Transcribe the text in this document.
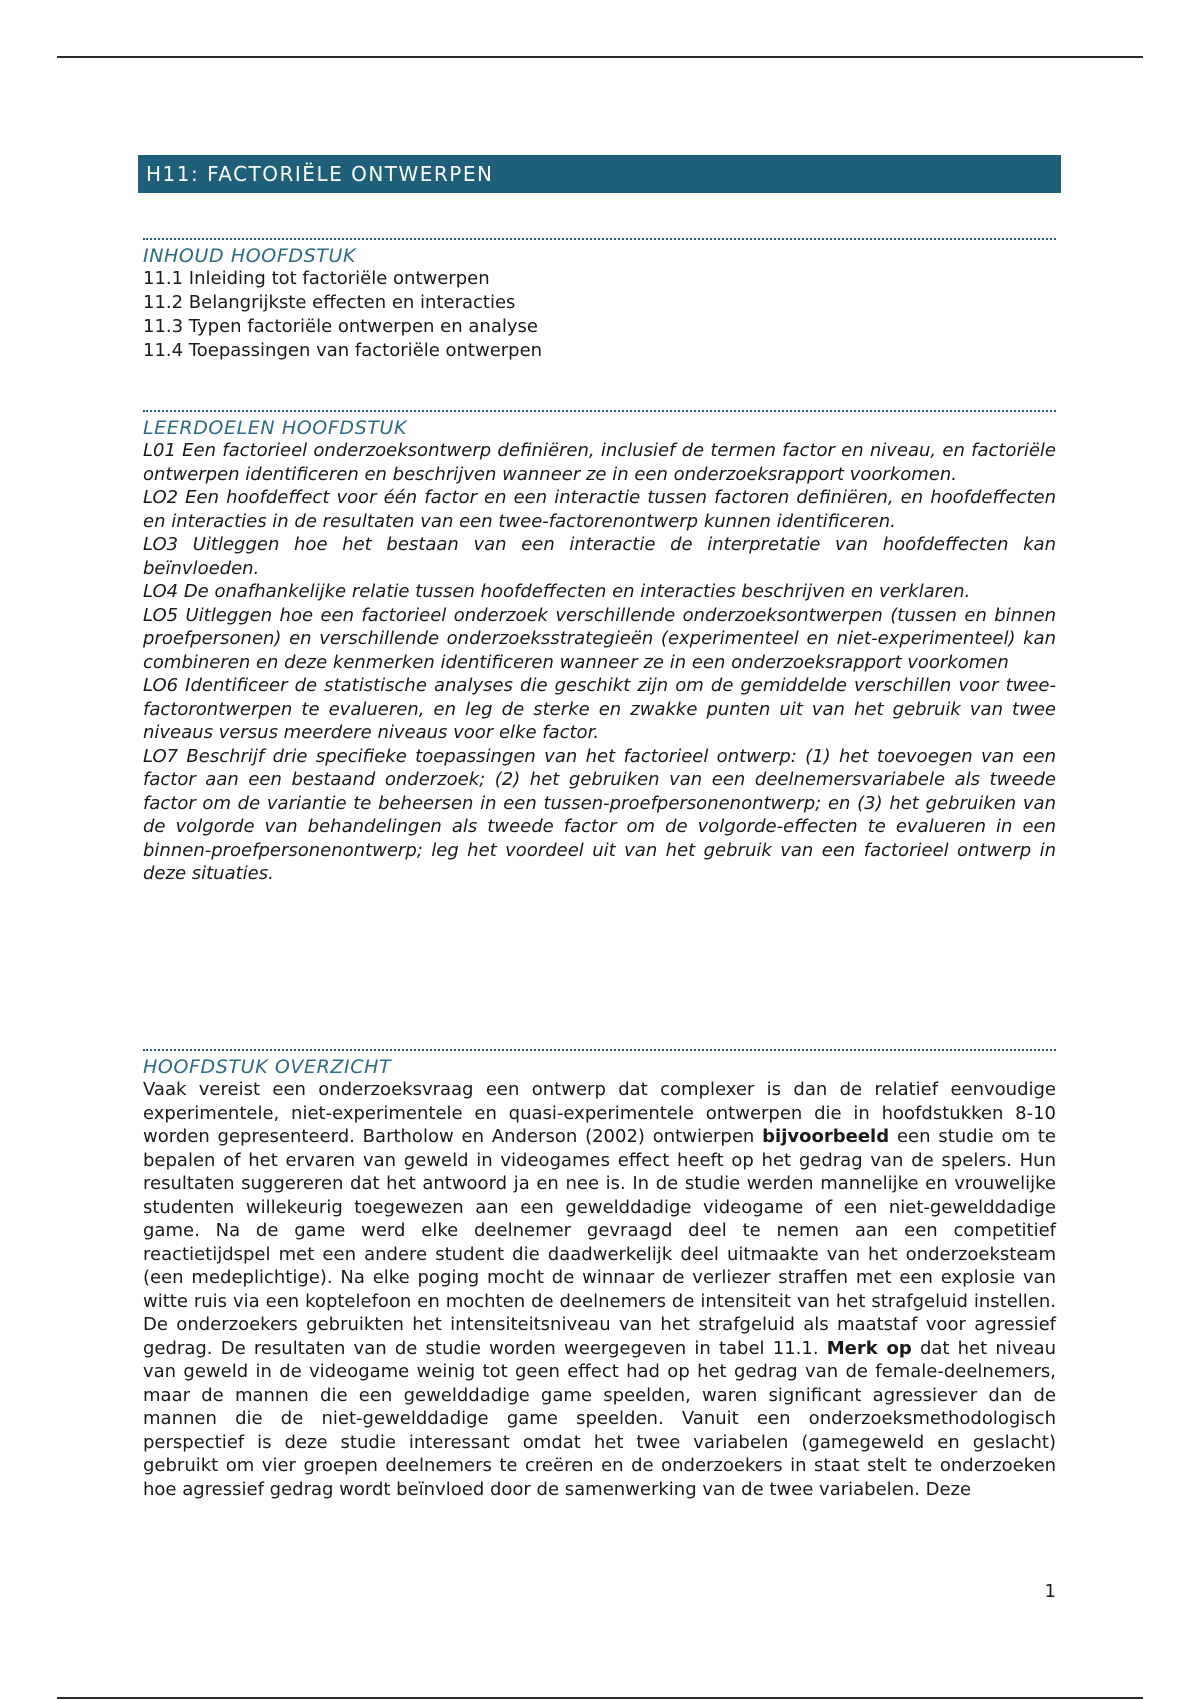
H11: FACTORIËLE ONTWERPEN
INHOUD HOOFDSTUK
11.1 Inleiding tot factoriële ontwerpen
11.2 Belangrijkste effecten en interacties
11.3 Typen factoriële ontwerpen en analyse
11.4 Toepassingen van factoriële ontwerpen
LEERDOELEN HOOFDSTUK

L01 Een factorieel onderzoeksontwerp definiëren, inclusief de termen factor en niveau, en factoriële ontwerpen identificeren en beschrijven wanneer ze in een onderzoeksrapport voorkomen.

LO2 Een hoofdeffect voor één factor en een interactie tussen factoren definiëren, en hoofdeffecten en interacties in de resultaten van een twee-factorenontwerp kunnen identificeren.

LO3 Uitleggen hoe het bestaan van een interactie de interpretatie van hoofdeffecten kan beïnvloeden.

LO4 De onafhankelijke relatie tussen hoofdeffecten en interacties beschrijven en verklaren.

LO5 Uitleggen hoe een factorieel onderzoek verschillende onderzoeksontwerpen (tussen en binnen proefpersonen) en verschillende onderzoeksstrategieën (experimenteel en niet-experimenteel) kan combineren en deze kenmerken identificeren wanneer ze in een onderzoeksrapport voorkomen

LO6 Identificeer de statistische analyses die geschikt zijn om de gemiddelde verschillen voor twee-factorontwerpen te evalueren, en leg de sterke en zwakke punten uit van het gebruik van twee niveaus versus meerdere niveaus voor elke factor.

LO7 Beschrijf drie specifieke toepassingen van het factorieel ontwerp: (1) het toevoegen van een factor aan een bestaand onderzoek; (2) het gebruiken van een deelnemersvariabele als tweede factor om de variantie te beheersen in een tussen-proefpersonenontwerp; en (3) het gebruiken van de volgorde van behandelingen als tweede factor om de volgorde-effecten te evalueren in een binnen-proefpersonenontwerp; leg het voordeel uit van het gebruik van een factorieel ontwerp in deze situaties.

HOOFDSTUK OVERZICHT

Vaak vereist een onderzoeksvraag een ontwerp dat complexer is dan de relatief eenvoudige experimentele, niet-experimentele en quasi-experimentele ontwerpen die in hoofdstukken 8-10 worden gepresenteerd. Bartholow en Anderson (2002) ontwierpen bijvoorbeeld een studie om te bepalen of het ervaren van geweld in videogames effect heeft op het gedrag van de spelers. Hun resultaten suggereren dat het antwoord ja en nee is. In de studie werden mannelijke en vrouwelijke studenten willekeurig toegewezen aan een gewelddadige videogame of een niet-gewelddadige game. Na de game werd elke deelnemer gevraagd deel te nemen aan een competitief reactietijdspel met een andere student die daadwerkelijk deel uitmaakte van het onderzoeksteam (een medeplichtige). Na elke poging mocht de winnaar de verliezer straffen met een explosie van witte ruis via een koptelefoon en mochten de deelnemers de intensiteit van het strafgeluid instellen. De onderzoekers gebruikten het intensiteitsniveau van het strafgeluid als maatstaf voor agressief gedrag. De resultaten van de studie worden weergegeven in tabel 11.1. Merk op dat het niveau van geweld in de videogame weinig tot geen effect had op het gedrag van de female-deelnemers, maar de mannen die een gewelddadige game speelden, waren significant agressiever dan de mannen die de niet-gewelddadige game speelden. Vanuit een onderzoeksmethodologisch perspectief is deze studie interessant omdat het twee variabelen (gamegeweld en geslacht) gebruikt om vier groepen deelnemers te creëren en de onderzoekers in staat stelt te onderzoeken hoe agressief gedrag wordt beïnvloed door de samenwerking van de twee variabelen. Deze

1
